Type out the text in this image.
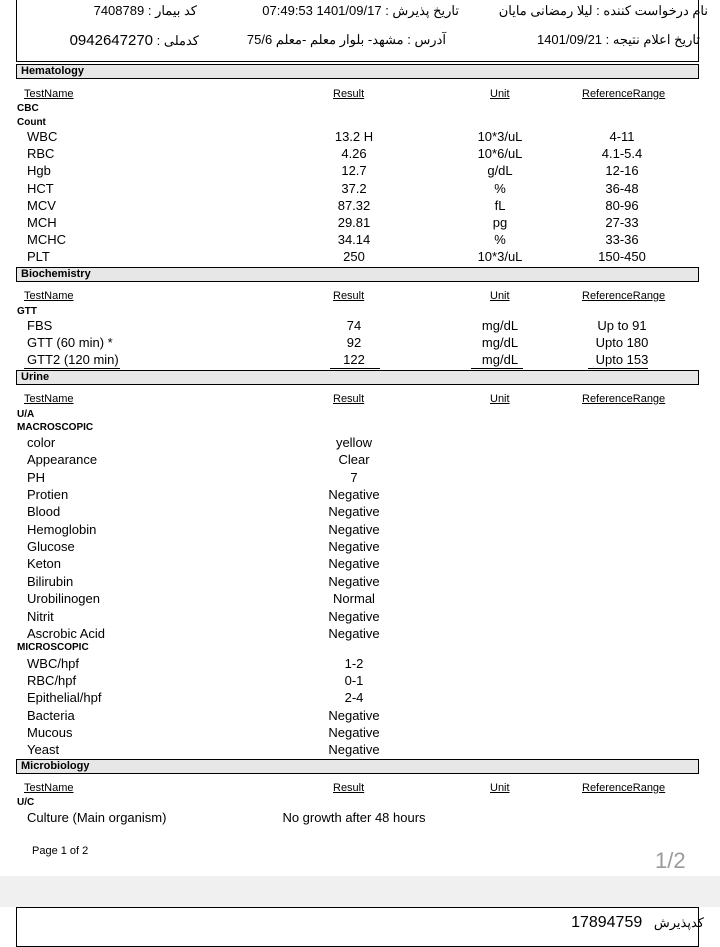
کد بیمار : 7408789	تاریخ پذیرش : 07:49:53 1401/09/17	نام درخواست کننده : لیلا رمضانی مایان
کدملی : 0942647270	آدرس : مشهد- بلوار معلم -معلم 75/6	تاریخ اعلام نتیجه : 1401/09/21
Hematology
TestName	Result	Unit	ReferenceRange
CBC
Count
WBC	13.2 H	10*3/uL	4-11
RBC	4.26	10*6/uL	4.1-5.4
Hgb	12.7	g/dL	12-16
HCT	37.2	%	36-48
MCV	87.32	fL	80-96
MCH	29.81	pg	27-33
MCHC	34.14	%	33-36
PLT	250	10*3/uL	150-450
Biochemistry
TestName	Result	Unit	ReferenceRange
GTT
FBS	74	mg/dL	Up to 91
GTT (60 min) *	92	mg/dL	Upto 180
GTT2 (120 min)	122	mg/dL	Upto 153
Urine
TestName	Result	Unit	ReferenceRange
U/A
MACROSCOPIC
color	yellow
Appearance	Clear
PH	7
Protien	Negative
Blood	Negative
Hemoglobin	Negative
Glucose	Negative
Keton	Negative
Bilirubin	Negative
Urobilinogen	Normal
Nitrit	Negative
Ascrobic Acid	Negative
MICROSCOPIC
WBC/hpf	1-2
RBC/hpf	0-1
Epithelial/hpf	2-4
Bacteria	Negative
Mucous	Negative
Yeast	Negative
Microbiology
TestName	Result	Unit	ReferenceRange
U/C
Culture (Main organism)	No growth after 48 hours
Page 1 of 2	1/2
کدپذیرش 17894759
